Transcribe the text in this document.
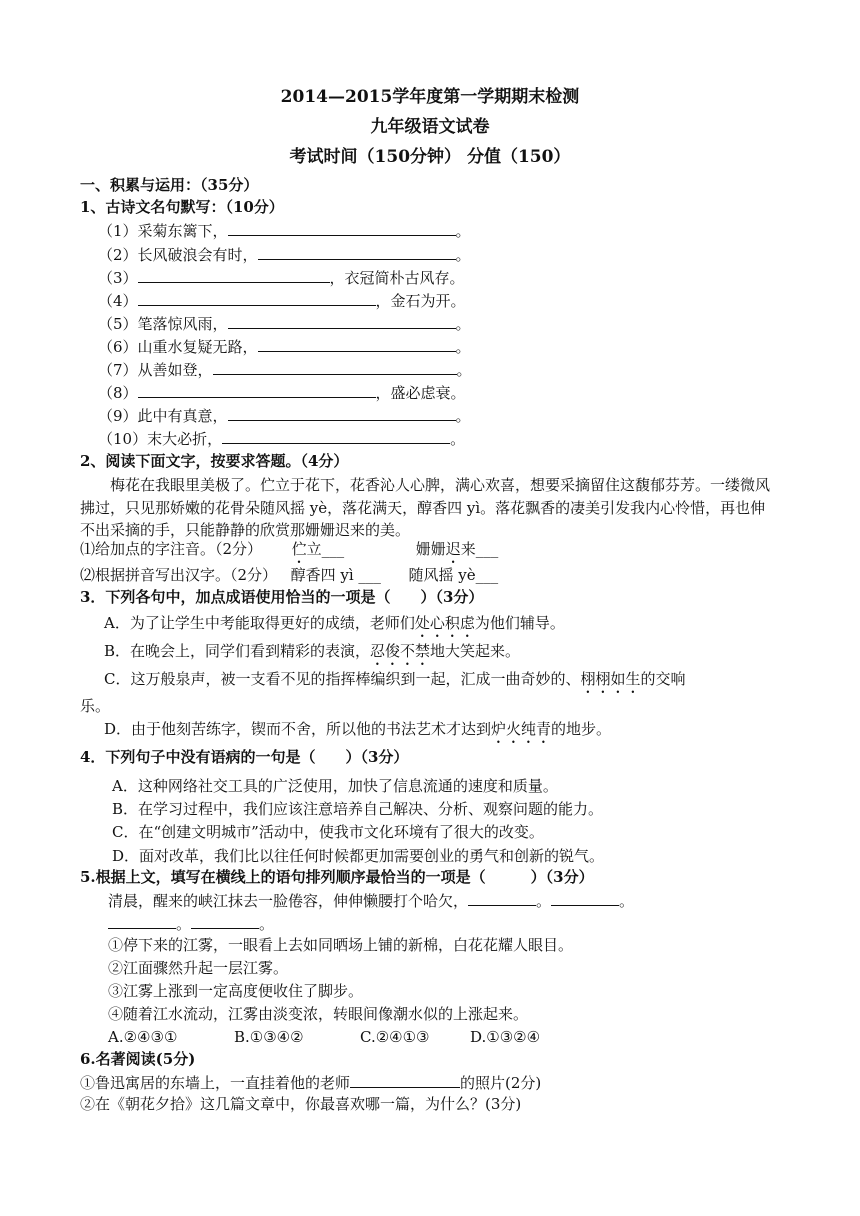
2014—2015学年度第一学期期末检测
九年级语文试卷
考试时间（150分钟） 分值（150）
一、积累与运用：（35分）
1、古诗文名句默写：（10分）
（1）采菊东篱下，	。
（2）长风破浪会有时，	。
（3）	，衣冠简朴古风存。
（4）	，金石为开。
（5）笔落惊风雨，	。
（6）山重水复疑无路，	。
（7）从善如登，	。
（8）	，盛必虑衰。
（9）此中有真意，	。
（10）末大必折，	。
2、阅读下面文字，按要求答题。（4分）
梅花在我眼里美极了。伫立于花下，花香沁人心脾，满心欢喜，想要采摘留住这馥郁芬芳。一缕微风拂过，只见那娇嫩的花骨朵随风摇 yè，落花满天，醇香四 yì。落花飘香的凄美引发我内心怜惜，再也伸不出采摘的手，只能静静的欣赏那姗姗迟来的美。
⑴给加点的字注音。（2分） 伫立___	姗姗迟来___
⑵根据拼音写出汉字。（2分） 醇香四 yì ___ 随风摇 yè___
3．下列各句中，加点成语使用恰当的一项是（　　）（3分）
A．为了让学生中考能取得更好的成绩，老师们处心积虑为他们辅导。
B．在晚会上，同学们看到精彩的表演，忍俊不禁地大笑起来。
C．这万般泉声，被一支看不见的指挥棒编织到一起，汇成一曲奇妙的、栩栩如生的交响
乐。
D．由于他刻苦练字，锲而不舍，所以他的书法艺术才达到炉火纯青的地步。
4．下列句子中没有语病的一句是（　　）（3分）
A．这种网络社交工具的广泛使用，加快了信息流通的速度和质量。
B．在学习过程中，我们应该注意培养自己解决、分析、观察问题的能力。
C．在“创建文明城市”活动中，使我市文化环境有了很大的改变。
D．面对改革，我们比以往任何时候都更加需要创业的勇气和创新的锐气。
5.根据上文，填写在横线上的语句排列顺序最恰当的一项是（　　　）（3分）
清晨，醒来的峡江抹去一脸倦容，伸伸懒腰打个哈欠，	。	。
。	。
①停下来的江雾，一眼看上去如同晒场上铺的新棉，白花花耀人眼目。
②江面骤然升起一层江雾。
③江雾上涨到一定高度便收住了脚步。
④随着江水流动，江雾由淡变浓，转眼间像潮水似的上涨起来。
A.②④③①	B.①③④②	C.②④①③	D.①③②④
6.名著阅读(5分)
①鲁迅寓居的东墙上，一直挂着他的老师	的照片(2分)
②在《朝花夕拾》这几篇文章中，你最喜欢哪一篇，为什么？(3分)
